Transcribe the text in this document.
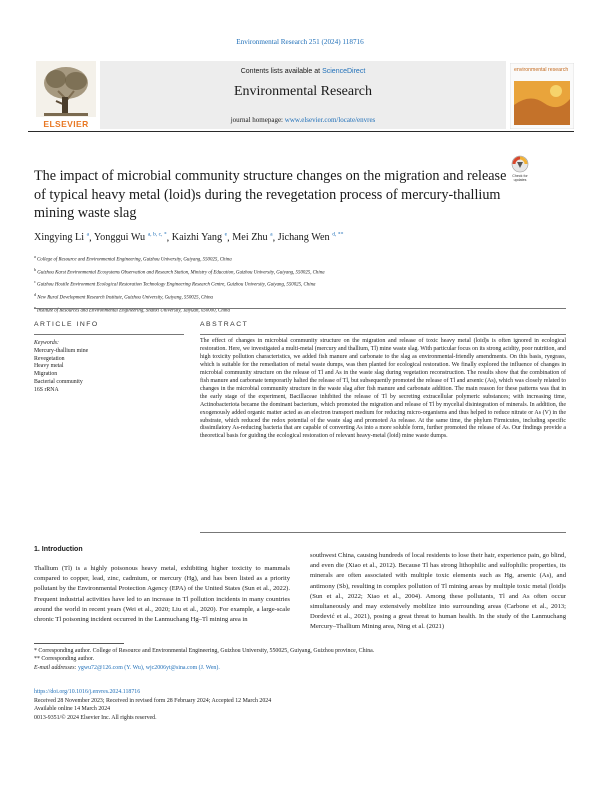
Environmental Research 251 (2024) 118716
ELSEVIER
Contents lists available at ScienceDirect
Environmental Research
journal homepage: www.elsevier.com/locate/envres
environmental research
The impact of microbial community structure changes on the migration and release of typical heavy metal (loid)s during the revegetation process of mercury-thallium mining waste slag
Check for
updates
Xingying Li $^a$, Yonggui Wu $^{a, b, c, *}$, Kaizhi Yang $^e$, Mei Zhu $^a$, Jichang Wen $^{d, **}$
$^a$ College of Resource and Environmental Engineering, Guizhou University, Guiyang, 550025, China
$^b$ Guizhou Karst Environmental Ecosystems Observation and Research Station, Ministry of Education, Guizhou University, Guiyang, 550025, China
$^c$ Guizhou Hostile Environment Ecological Restoration Technology Engineering Research Centre, Guizhou University, Guiyang, 550025, China
$^d$ New Rural Development Research Institute, Guizhou University, Guiyang, 550025, China
$^e$ Institute of Resources and Environmental Engineering, Shanxi University, Taiyuan, 030000, China
ARTICLE INFO	ABSTRACT
Keywords:
Mercury-thallium mine
Revegetation
Heavy metal
Migration
Bacterial community
16S rRNA
The effect of changes in microbial community structure on the migration and release of toxic heavy metal (loid)s is often ignored in ecological restoration. Here, we investigated a multi-metal (mercury and thallium, Tl) mine waste slag. With particular focus on its strong acidity, poor nutrition, and high toxicity pollution characteristics, we added fish manure and carbonate to the slag as environmental-friendly amendments. On this basis, ryegrass, which is suitable for the remediation of metal waste dumps, was then planted for ecological restoration. We finally explored the influence of changes in microbial community structure on the release of Tl and As in the waste slag during vegetation reconstruction. The results show that the combination of fish manure and carbonate temporarily halted the release of Tl, but subsequently promoted the release of Tl and arsenic (As), which was closely related to changes in the microbial community structure in the waste slag after fish manure and carbonate addition. The main reason for these patterns was that in the early stage of the experiment, Bacillaceae inhibited the release of Tl by secreting extracellular polymeric substances; with increasing time, Actinobacteriota became the dominant bacterium, which promoted the migration and release of Tl by mycelial disintegration of minerals. In addition, the exogenously added organic matter acted as an electron transport medium for reducing micro-organisms and thus helped to reduce nitrate or As (V) in the substrate, which reduced the redox potential of the waste slag and promoted As release. At the same time, the phylum Firmicutes, including specific dissimilatory As-reducing bacteria that are capable of converting As into a more soluble form, further promoted the release of As. Our findings provide a theoretical basis for guiding the ecological restoration of relevant heavy-metal (loid) mine waste dumps.
1. Introduction
Thallium (Tl) is a highly poisonous heavy metal, exhibiting higher toxicity to mammals compared to copper, lead, zinc, cadmium, or mercury (Hg), and has been listed as a priority pollutant by the Environmental Protection Agency (EPA) of the United States (Sun et al., 2022). Frequent industrial activities have led to an increase in Tl pollution incidents in many countries around the world in recent years (Wei et al., 2020; Liu et al., 2020). For example, a large-scale chronic Tl poisoning incident occurred in the Lanmuchang Hg–Tl mining area in
southwest China, causing hundreds of local residents to lose their hair, experience pain, go blind, and even die (Xiao et al., 2012). Because Tl has strong lithophilic and sulfophilic properties, its minerals are often associated with multiple toxic elements such as Hg, arsenic (As), and antimony (Sb), resulting in complex pollution of Tl mining areas by multiple toxic metal (loid)s (Sun et al., 2022; Xiao et al., 2004). Among these pollutants, Tl and As often occur simultaneously and may extensively mobilize into surrounding areas (Carbone et al., 2013; Dordević et al., 2021), posing a great threat to human health. In the study of the Lanmuchang Mercury–Thallium Mining area, Ning et al. (2021)
* Corresponding author. College of Resource and Environmental Engineering, Guizhou University, 550025, Guiyang, Guizhou province, China.
** Corresponding author.
E-mail addresses: ygwu72@126.com (Y. Wu), wjc2006yt@sina.com (J. Wen).
https://doi.org/10.1016/j.envres.2024.118716
Received 28 November 2023; Received in revised form 28 February 2024; Accepted 12 March 2024
Available online 14 March 2024
0013-9351/© 2024 Elsevier Inc. All rights reserved.
